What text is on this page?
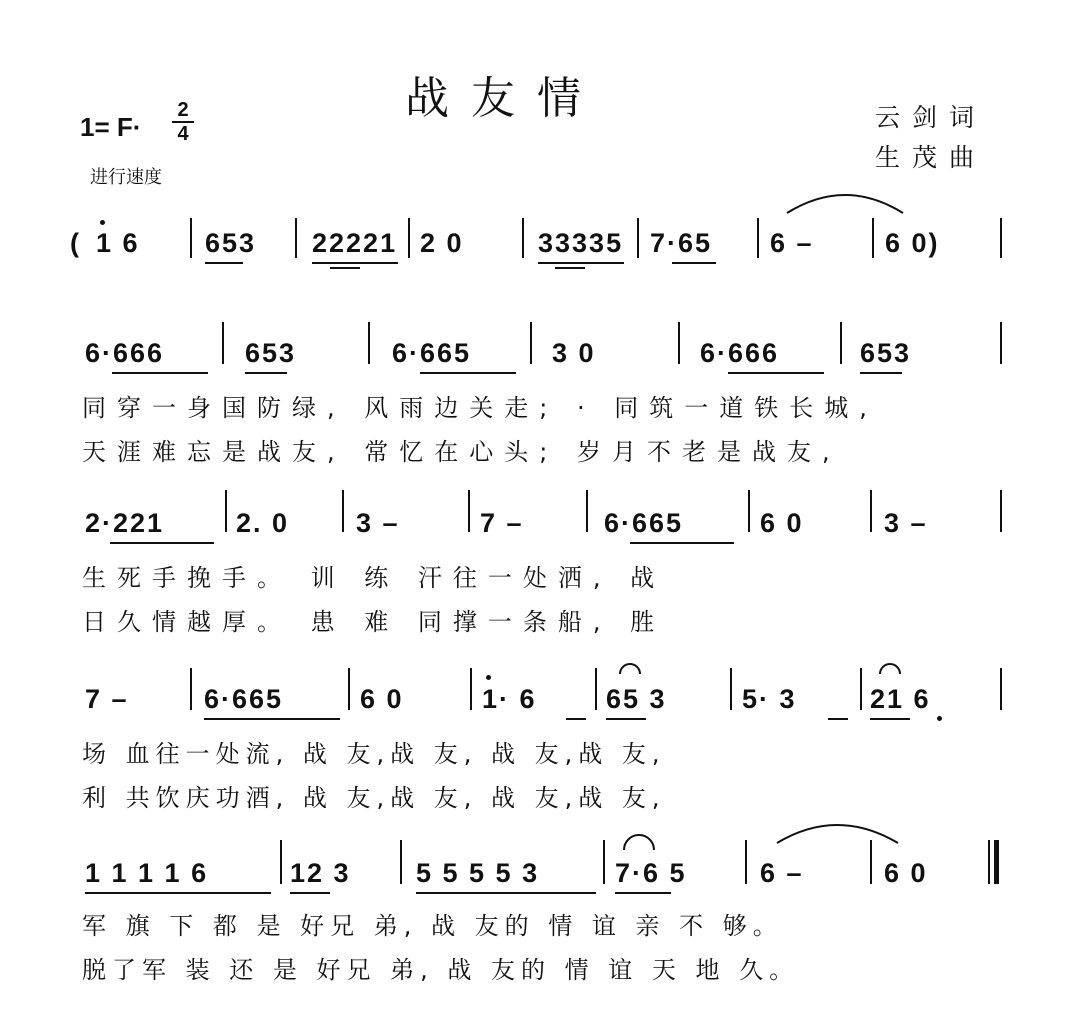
战友情
1= F·
2
4
进行速度
云剑词
生茂曲
( 1 6 653 22221 2 0	33335 7·65 6 –	6 0)
6·666	653	6·665	3 0	6·666	653
同穿一身国防绿, 风雨边关走; · 同筑一道铁长城,
天涯难忘是战友, 常忆在心头; 岁月不老是战友,
2·221	2. 0 3 –	7 –	6·665	6 0	3 –
生死手挽手。 训 练 汗往一处洒, 战
日久情越厚。 患 难 同撑一条船, 胜
7 –	6·665	6 0	1· 6	65 3	5· 3	21 6
场 血往一处流, 战 友,战 友, 战 友,战 友,
利 共饮庆功酒, 战 友,战 友, 战 友,战 友,
1 1 1 1 6	12 3 5 5 5 5 3	7·6 5	6 –	6 0
军 旗 下 都 是 好兄 弟, 战 友的 情 谊 亲 不 够。
脱了军 装 还 是 好兄 弟, 战 友的 情 谊 天 地 久。
